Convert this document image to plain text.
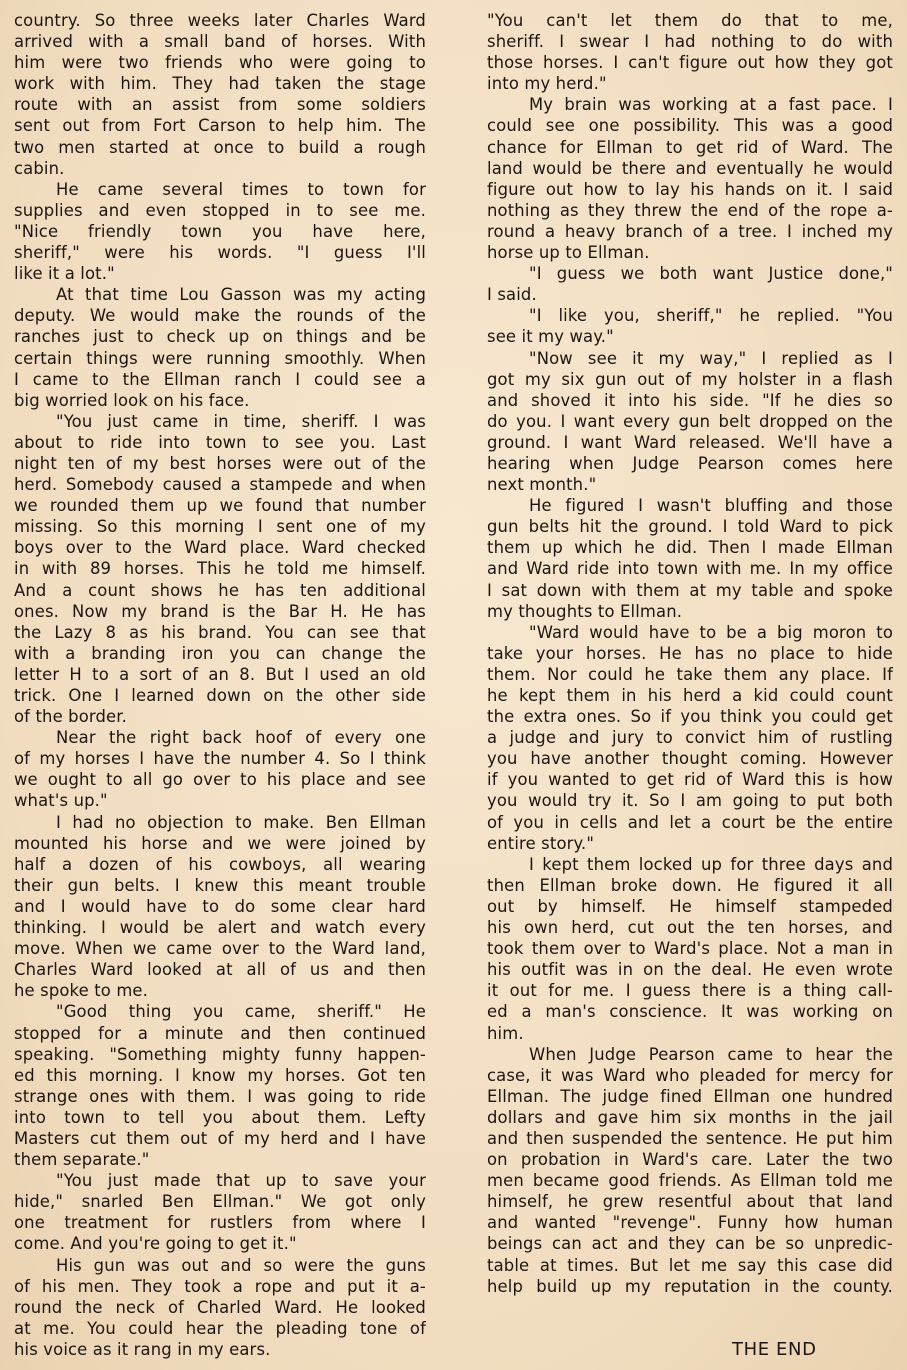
country. So three weeks later Charles Ward
arrived with a small band of horses. With
him were two friends who were going to
work with him. They had taken the stage
route with an assist from some soldiers
sent out from Fort Carson to help him. The
two men started at once to build a rough
cabin.
He came several times to town for
supplies and even stopped in to see me.
"Nice friendly town you have here,
sheriff," were his words. "I guess I'll
like it a lot."
At that time Lou Gasson was my acting
deputy. We would make the rounds of the
ranches just to check up on things and be
certain things were running smoothly. When
I came to the Ellman ranch I could see a
big worried look on his face.
"You just came in time, sheriff. I was
about to ride into town to see you. Last
night ten of my best horses were out of the
herd. Somebody caused a stampede and when
we rounded them up we found that number
missing. So this morning I sent one of my
boys over to the Ward place. Ward checked
in with 89 horses. This he told me himself.
And a count shows he has ten additional
ones. Now my brand is the Bar H. He has
the Lazy 8 as his brand. You can see that
with a branding iron you can change the
letter H to a sort of an 8. But I used an old
trick. One I learned down on the other side
of the border.
Near the right back hoof of every one
of my horses I have the number 4. So I think
we ought to all go over to his place and see
what's up."
I had no objection to make. Ben Ellman
mounted his horse and we were joined by
half a dozen of his cowboys, all wearing
their gun belts. I knew this meant trouble
and I would have to do some clear hard
thinking. I would be alert and watch every
move. When we came over to the Ward land,
Charles Ward looked at all of us and then
he spoke to me.
"Good thing you came, sheriff." He
stopped for a minute and then continued
speaking. "Something mighty funny happen-
ed this morning. I know my horses. Got ten
strange ones with them. I was going to ride
into town to tell you about them. Lefty
Masters cut them out of my herd and I have
them separate."
"You just made that up to save your
hide," snarled Ben Ellman." We got only
one treatment for rustlers from where I
come. And you're going to get it."
His gun was out and so were the guns
of his men. They took a rope and put it a-
round the neck of Charled Ward. He looked
at me. You could hear the pleading tone of
his voice as it rang in my ears.
"You can't let them do that to me,
sheriff. I swear I had nothing to do with
those horses. I can't figure out how they got
into my herd."
My brain was working at a fast pace. I
could see one possibility. This was a good
chance for Ellman to get rid of Ward. The
land would be there and eventually he would
figure out how to lay his hands on it. I said
nothing as they threw the end of the rope a-
round a heavy branch of a tree. I inched my
horse up to Ellman.
"I guess we both want Justice done,"
I said.
"I like you, sheriff," he replied. "You
see it my way."
"Now see it my way," I replied as I
got my six gun out of my holster in a flash
and shoved it into his side. "If he dies so
do you. I want every gun belt dropped on the
ground. I want Ward released. We'll have a
hearing when Judge Pearson comes here
next month."
He figured I wasn't bluffing and those
gun belts hit the ground. I told Ward to pick
them up which he did. Then I made Ellman
and Ward ride into town with me. In my office
I sat down with them at my table and spoke
my thoughts to Ellman.
"Ward would have to be a big moron to
take your horses. He has no place to hide
them. Nor could he take them any place. If
he kept them in his herd a kid could count
the extra ones. So if you think you could get
a judge and jury to convict him of rustling
you have another thought coming. However
if you wanted to get rid of Ward this is how
you would try it. So I am going to put both
of you in cells and let a court be the entire
entire story."
I kept them locked up for three days and
then Ellman broke down. He figured it all
out by himself. He himself stampeded
his own herd, cut out the ten horses, and
took them over to Ward's place. Not a man in
his outfit was in on the deal. He even wrote
it out for me. I guess there is a thing call-
ed a man's conscience. It was working on
him.
When Judge Pearson came to hear the
case, it was Ward who pleaded for mercy for
Ellman. The judge fined Ellman one hundred
dollars and gave him six months in the jail
and then suspended the sentence. He put him
on probation in Ward's care. Later the two
men became good friends. As Ellman told me
himself, he grew resentful about that land
and wanted "revenge". Funny how human
beings can act and they can be so unpredic-
table at times. But let me say this case did
help build up my reputation in the county.
THE END
